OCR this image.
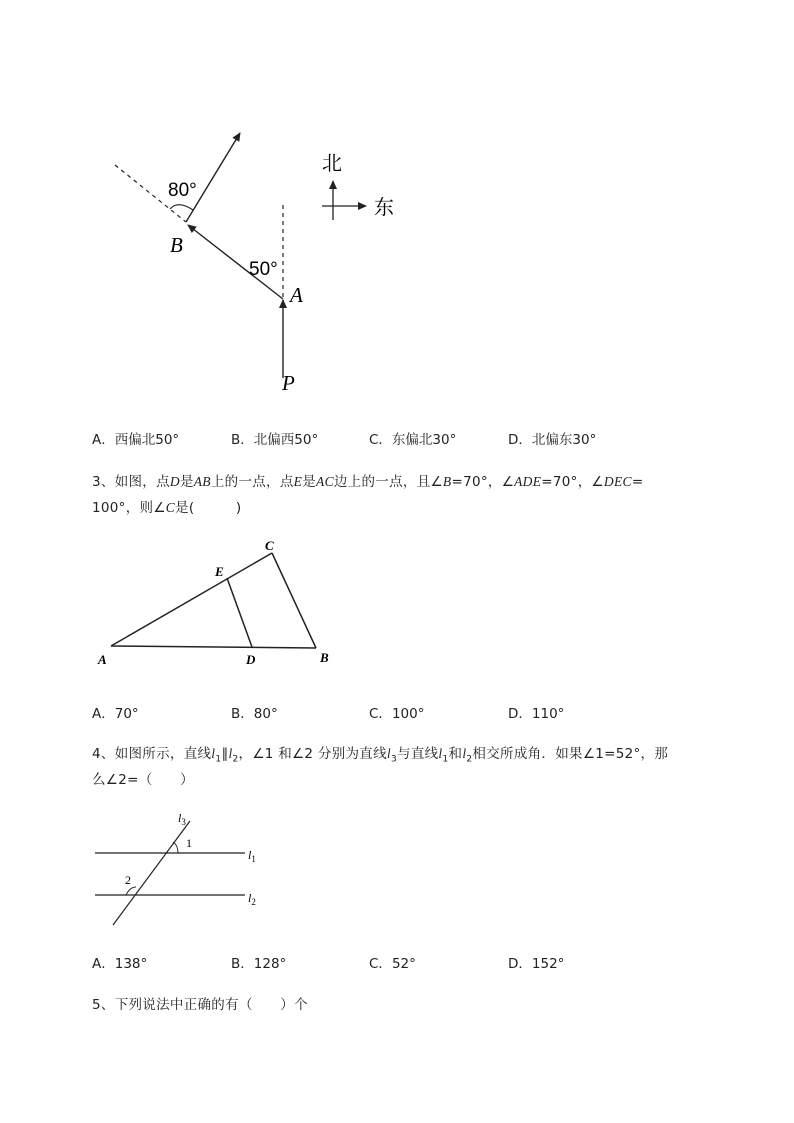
北
东
80°
50°
B
A
P
A．西偏北50°	B．北偏西50°	C．东偏北30°	D．北偏东30°
3、如图，点D是AB上的一点，点E是AC边上的一点，且∠B=70°，∠ADE=70°，∠DEC=
100°，则∠C是(　　　)
A	B
C
D
E
A．70°	B．80°	C．100°	D．110°
4、如图所示，直线$l_1\parallel l_2$，∠1 和∠2 分别为直线$l_3$与直线$l_1$和$l_2$相交所成角．如果∠1=52°，那
么∠2=（　　）
$l_3$
1
2
$l_1$
$l_2$
A．138°	B．128°	C．52°	D．152°
5、下列说法中正确的有（　　）个
